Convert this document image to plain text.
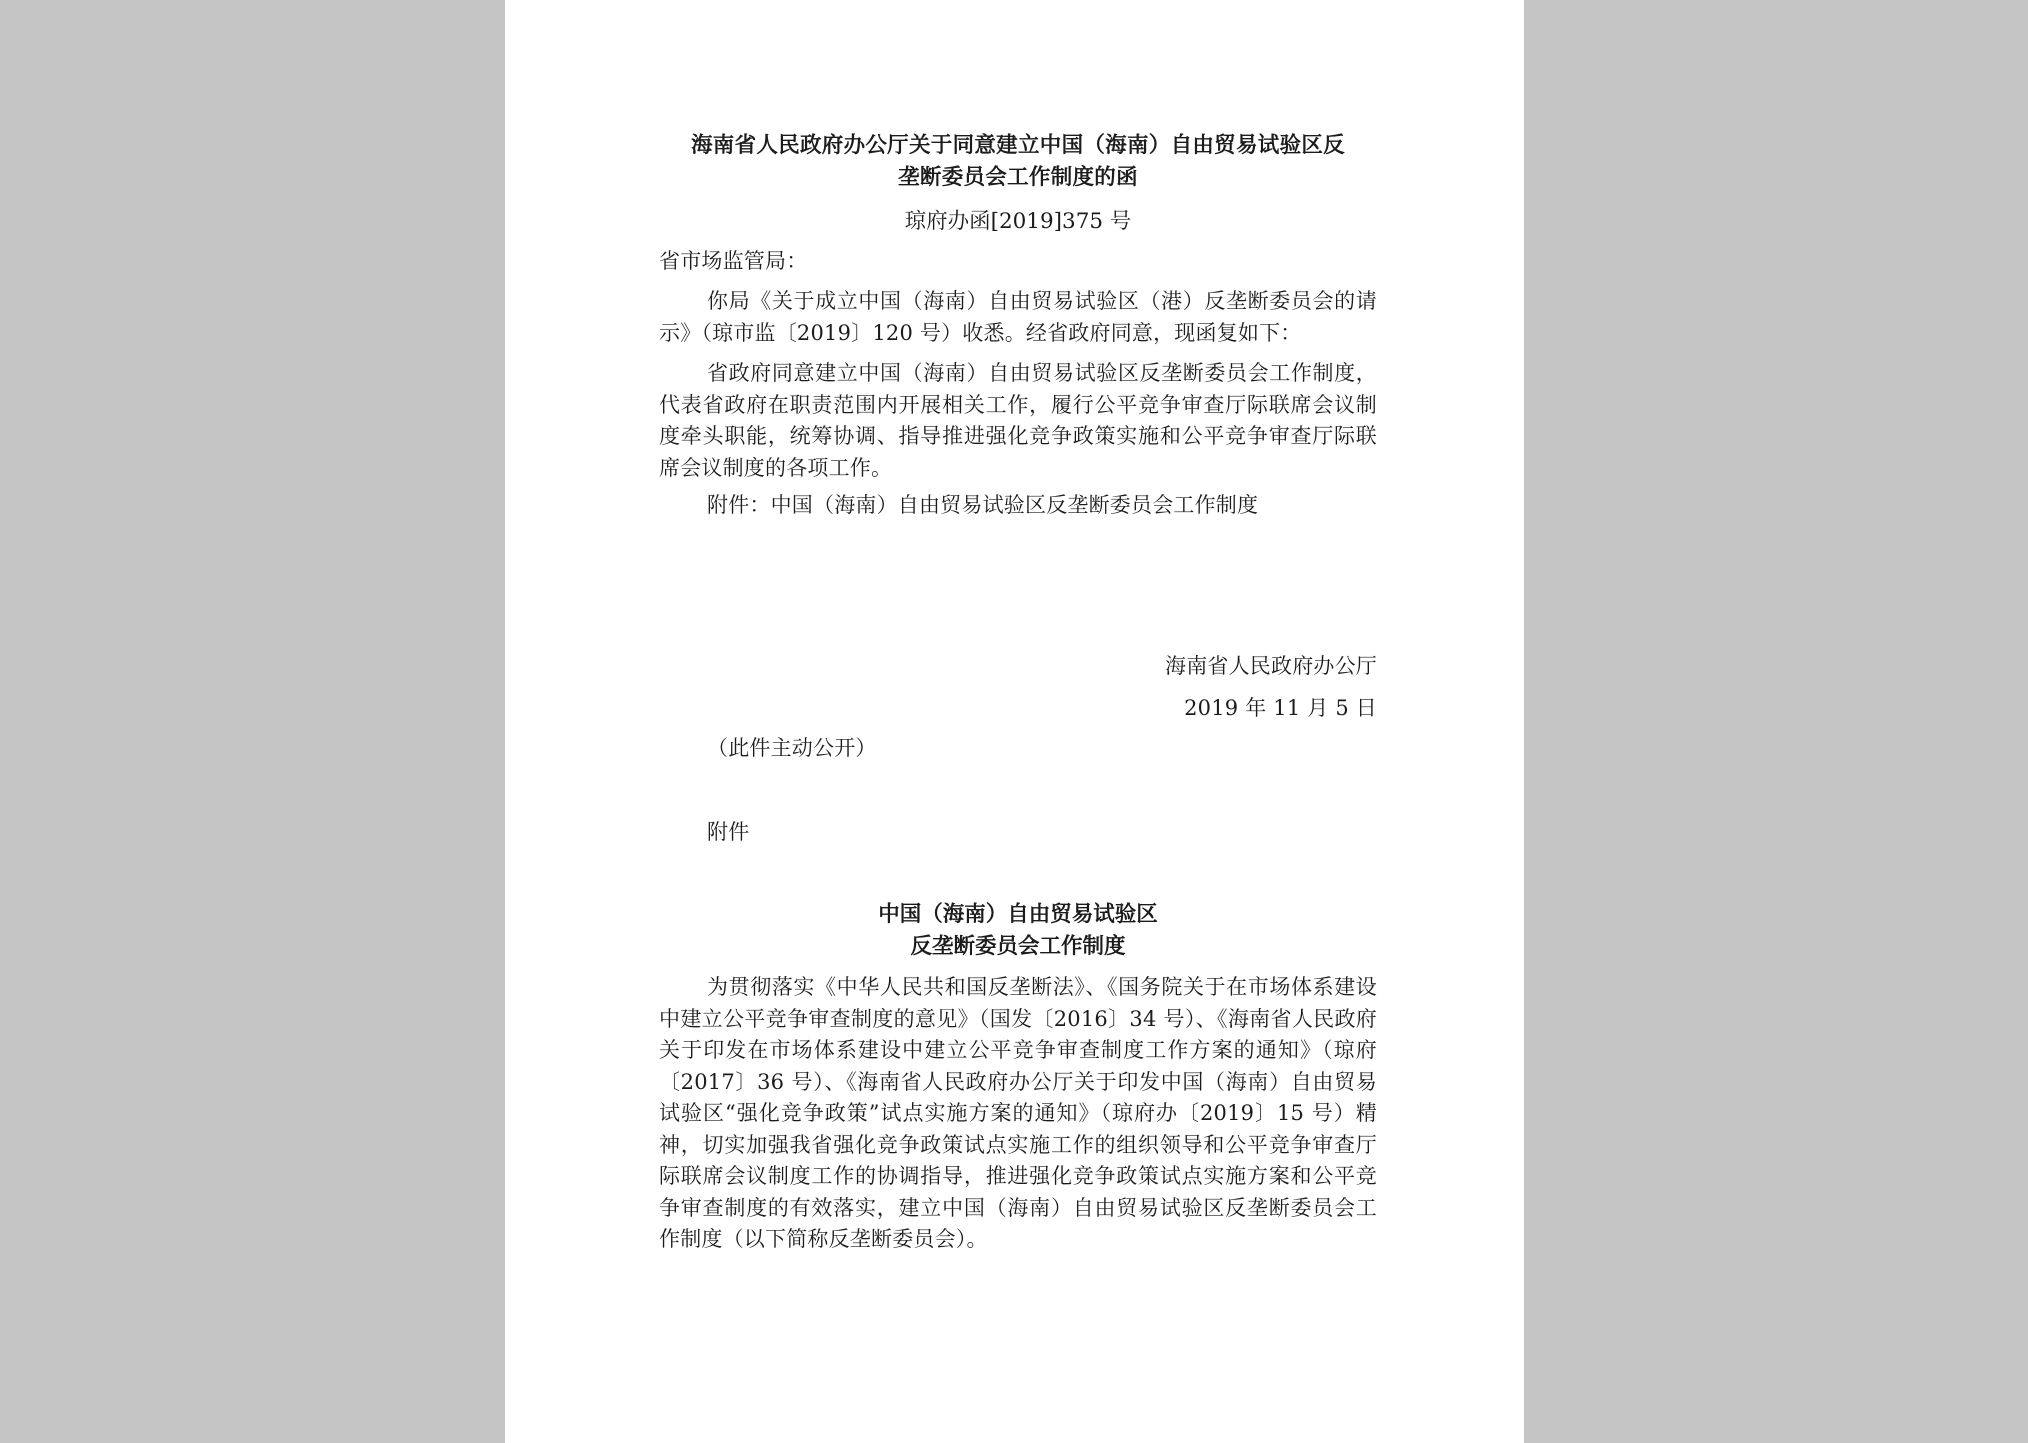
海南省人民政府办公厅关于同意建立中国（海南）自由贸易试验区反
垄断委员会工作制度的函
琼府办函[2019]375 号
省市场监管局：

你局《关于成立中国（海南）自由贸易试验区（港）反垄断委员会的请示》（琼市监〔2019〕120 号）收悉。经省政府同意，现函复如下：

省政府同意建立中国（海南）自由贸易试验区反垄断委员会工作制度，代表省政府在职责范围内开展相关工作，履行公平竞争审查厅际联席会议制度牵头职能，统筹协调、指导推进强化竞争政策实施和公平竞争审查厅际联席会议制度的各项工作。

附件：中国（海南）自由贸易试验区反垄断委员会工作制度

海南省人民政府办公厅
2019 年 11 月 5 日
（此件主动公开）
附件
中国（海南）自由贸易试验区
反垄断委员会工作制度

为贯彻落实《中华人民共和国反垄断法》、《国务院关于在市场体系建设中建立公平竞争审查制度的意见》（国发〔2016〕34 号）、《海南省人民政府关于印发在市场体系建设中建立公平竞争审查制度工作方案的通知》（琼府〔2017〕36 号）、《海南省人民政府办公厅关于印发中国（海南）自由贸易试验区“强化竞争政策”试点实施方案的通知》（琼府办〔2019〕15 号）精神，切实加强我省强化竞争政策试点实施工作的组织领导和公平竞争审查厅际联席会议制度工作的协调指导，推进强化竞争政策试点实施方案和公平竞争审查制度的有效落实，建立中国（海南）自由贸易试验区反垄断委员会工作制度（以下简称反垄断委员会）。
